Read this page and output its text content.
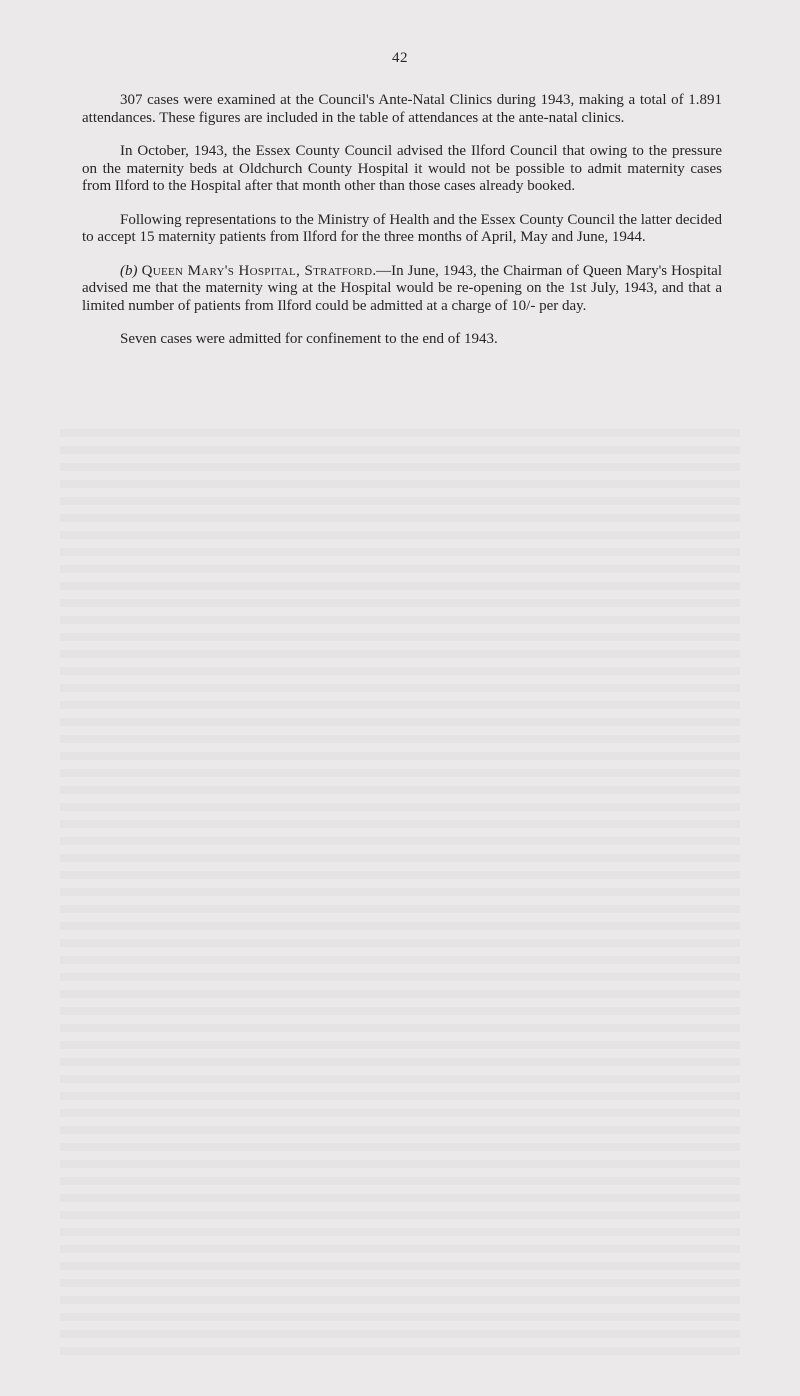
42

307 cases were examined at the Council's Ante-Natal Clinics during 1943, making a total of 1.891 attendances. These figures are included in the table of attendances at the ante-natal clinics.

In October, 1943, the Essex County Council advised the Ilford Council that owing to the pressure on the maternity beds at Oldchurch County Hospital it would not be possible to admit maternity cases from Ilford to the Hospital after that month other than those cases already booked.

Following representations to the Ministry of Health and the Essex County Council the latter decided to accept 15 maternity patients from Ilford for the three months of April, May and June, 1944.

(b) Queen Mary's Hospital, Stratford.—In June, 1943, the Chairman of Queen Mary's Hospital advised me that the maternity wing at the Hospital would be re-opening on the 1st July, 1943, and that a limited number of patients from Ilford could be admitted at a charge of 10/- per day.

Seven cases were admitted for confinement to the end of 1943.
